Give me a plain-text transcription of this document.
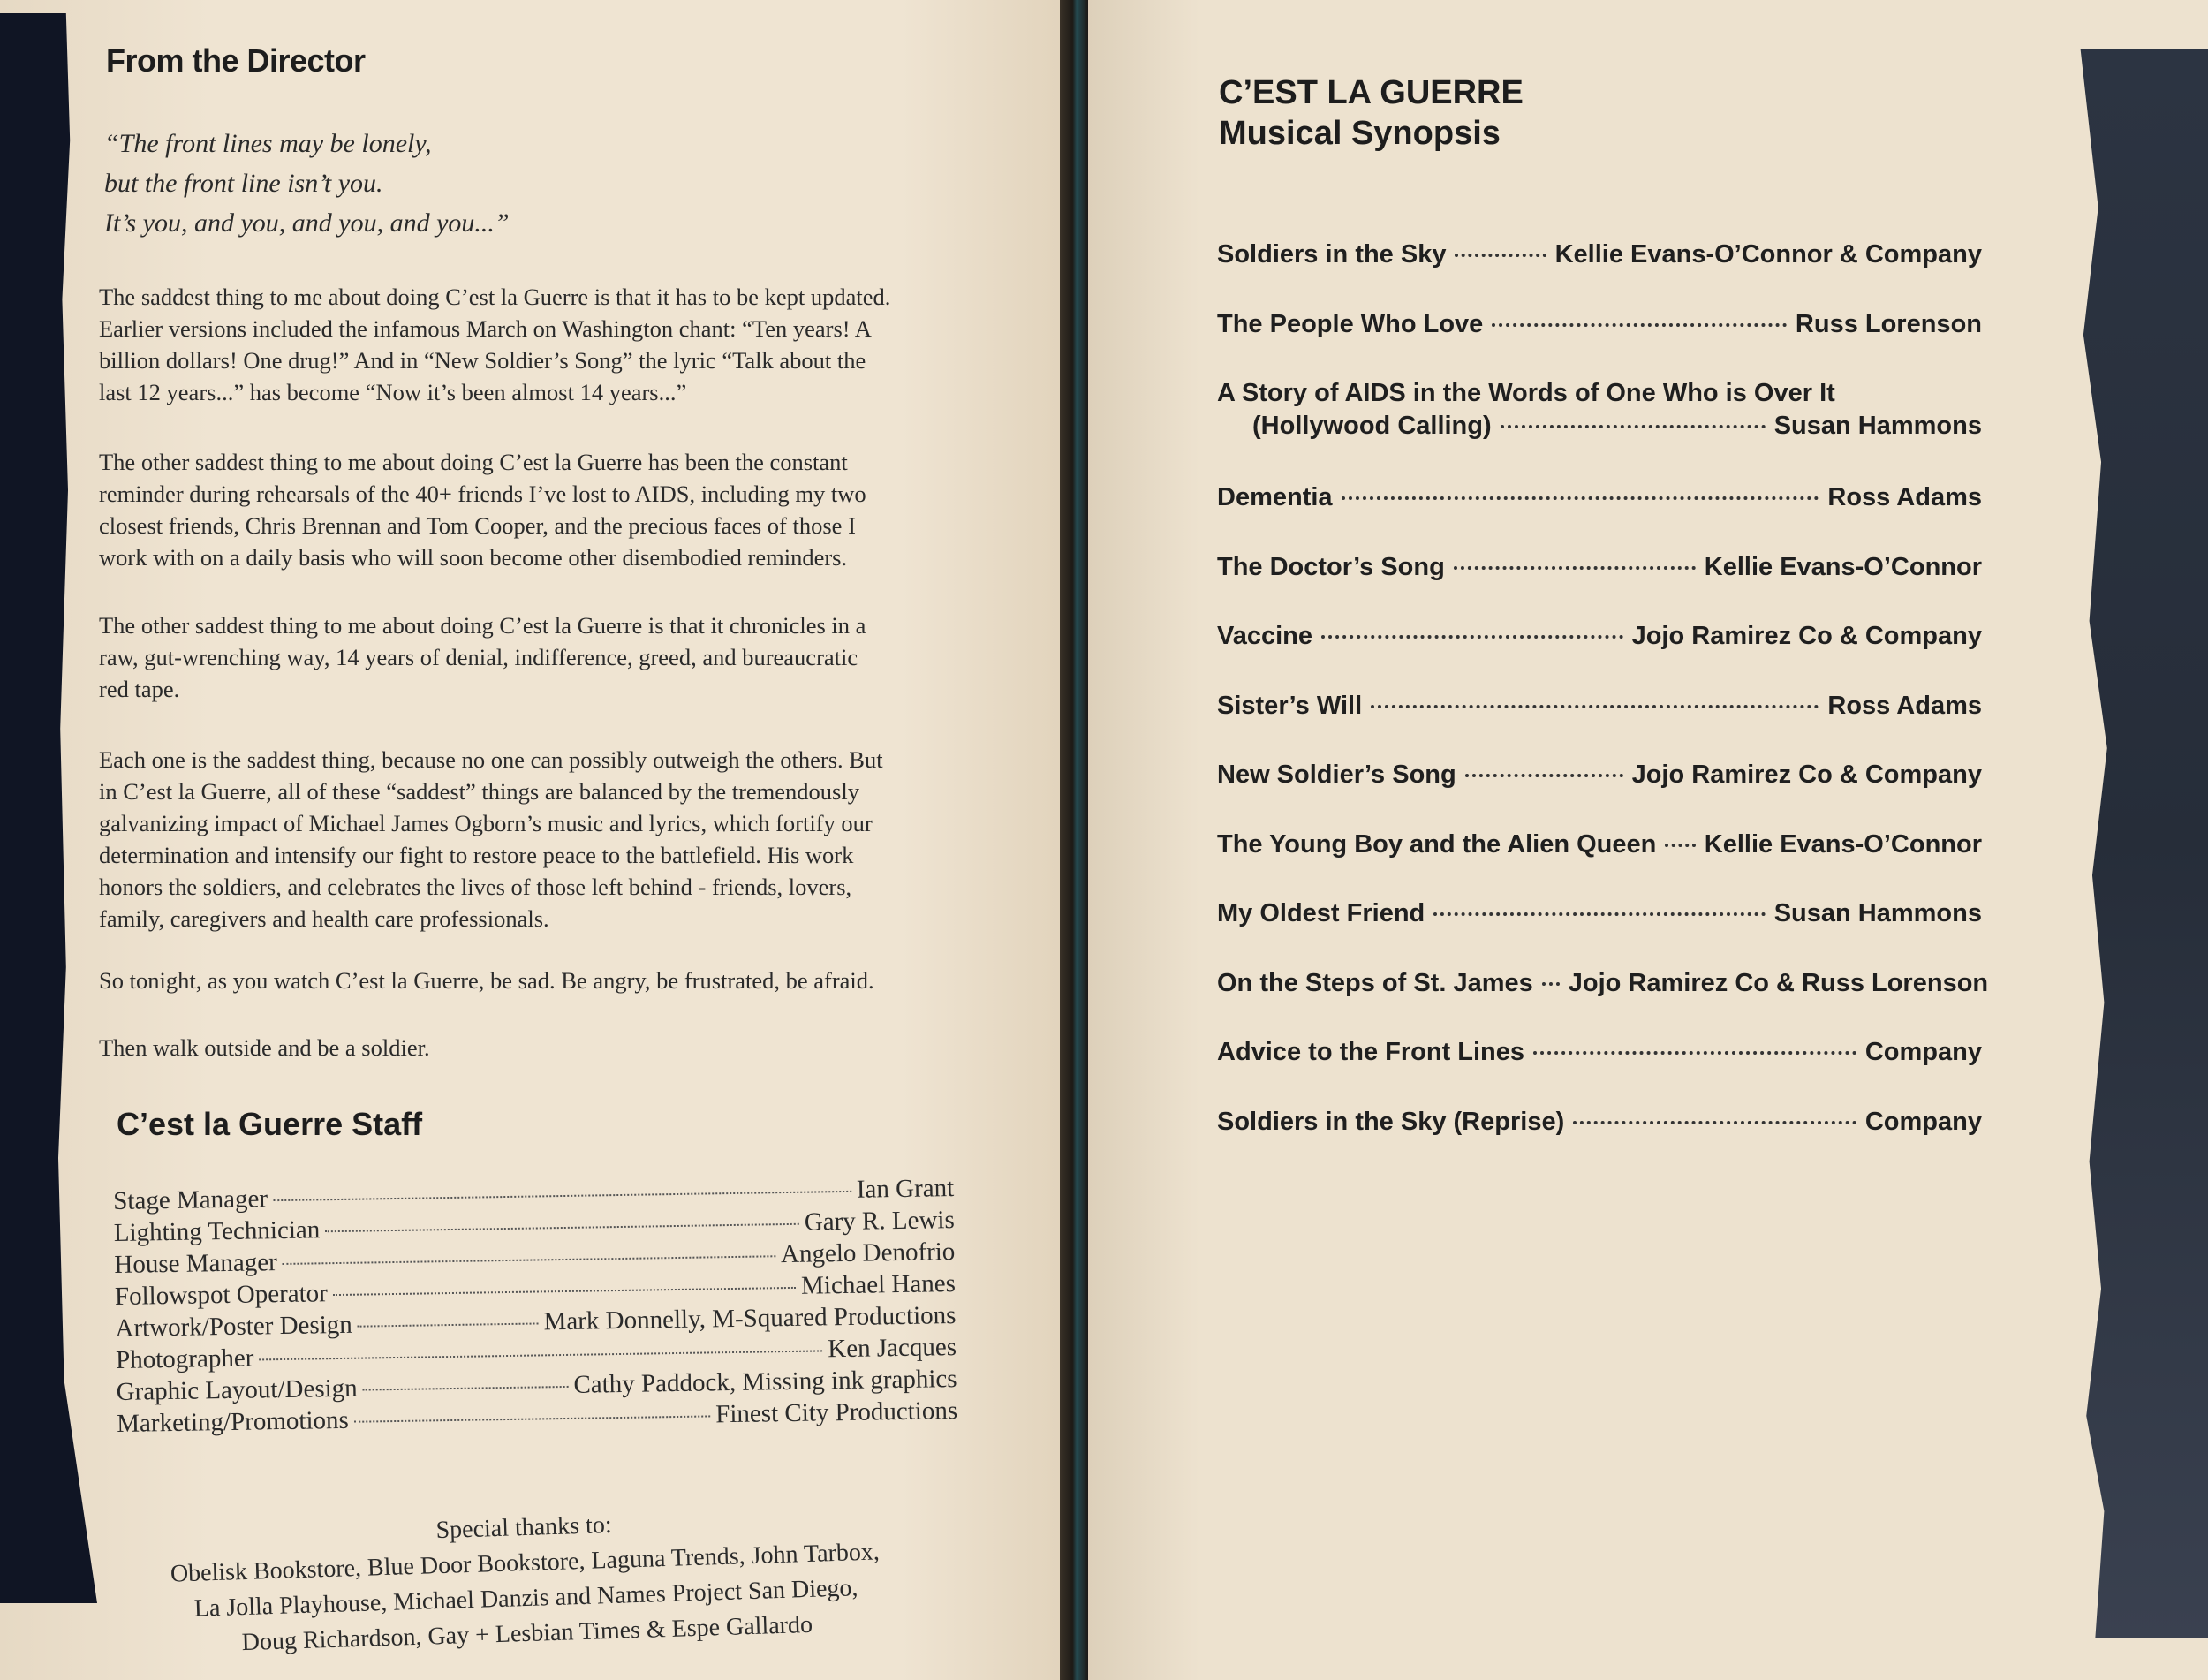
From the Director
“The front lines may be lonely,
but the front line isn’t you.
It’s you, and you, and you, and you...”
The saddest thing to me about doing C’est la Guerre is that it has to be kept updated.
Earlier versions included the infamous March on Washington chant: “Ten years! A
billion dollars! One drug!” And in “New Soldier’s Song” the lyric “Talk about the
last 12 years...” has become “Now it’s been almost 14 years...”
The other saddest thing to me about doing C’est la Guerre has been the constant
reminder during rehearsals of the 40+ friends I’ve lost to AIDS, including my two
closest friends, Chris Brennan and Tom Cooper, and the precious faces of those I
work with on a daily basis who will soon become other disembodied reminders.
The other saddest thing to me about doing C’est la Guerre is that it chronicles in a
raw, gut-wrenching way, 14 years of denial, indifference, greed, and bureaucratic
red tape.
Each one is the saddest thing, because no one can possibly outweigh the others. But
in C’est la Guerre, all of these “saddest” things are balanced by the tremendously
galvanizing impact of Michael James Ogborn’s music and lyrics, which fortify our
determination and intensify our fight to restore peace to the battlefield. His work
honors the soldiers, and celebrates the lives of those left behind - friends, lovers,
family, caregivers and health care professionals.
So tonight, as you watch C’est la Guerre, be sad. Be angry, be frustrated, be afraid.
Then walk outside and be a soldier.
C’est la Guerre Staff
Stage Manager	Ian Grant
Lighting Technician	Gary R. Lewis
House Manager	Angelo Denofrio
Followspot Operator	Michael Hanes
Artwork/Poster Design	Mark Donnelly, M-Squared Productions
Photographer	Ken Jacques
Graphic Layout/Design	Cathy Paddock, Missing ink graphics
Marketing/Promotions	Finest City Productions
Special thanks to:
Obelisk Bookstore, Blue Door Bookstore, Laguna Trends, John Tarbox,
La Jolla Playhouse, Michael Danzis and Names Project San Diego,
Doug Richardson, Gay + Lesbian Times & Espe Gallardo
C’EST LA GUERRE
Musical Synopsis
Soldiers in the Sky	Kellie Evans-O’Connor & Company
The People Who Love	Russ Lorenson
A Story of AIDS in the Words of One Who is Over It
(Hollywood Calling)	Susan Hammons
Dementia	Ross Adams
The Doctor’s Song	Kellie Evans-O’Connor
Vaccine	Jojo Ramirez Co & Company
Sister’s Will	Ross Adams
New Soldier’s Song	Jojo Ramirez Co & Company
The Young Boy and the Alien Queen Kellie Evans-O’Connor
My Oldest Friend	Susan Hammons
On the Steps of St. James Jojo Ramirez Co & Russ Lorenson
Advice to the Front Lines	Company
Soldiers in the Sky (Reprise)	Company
